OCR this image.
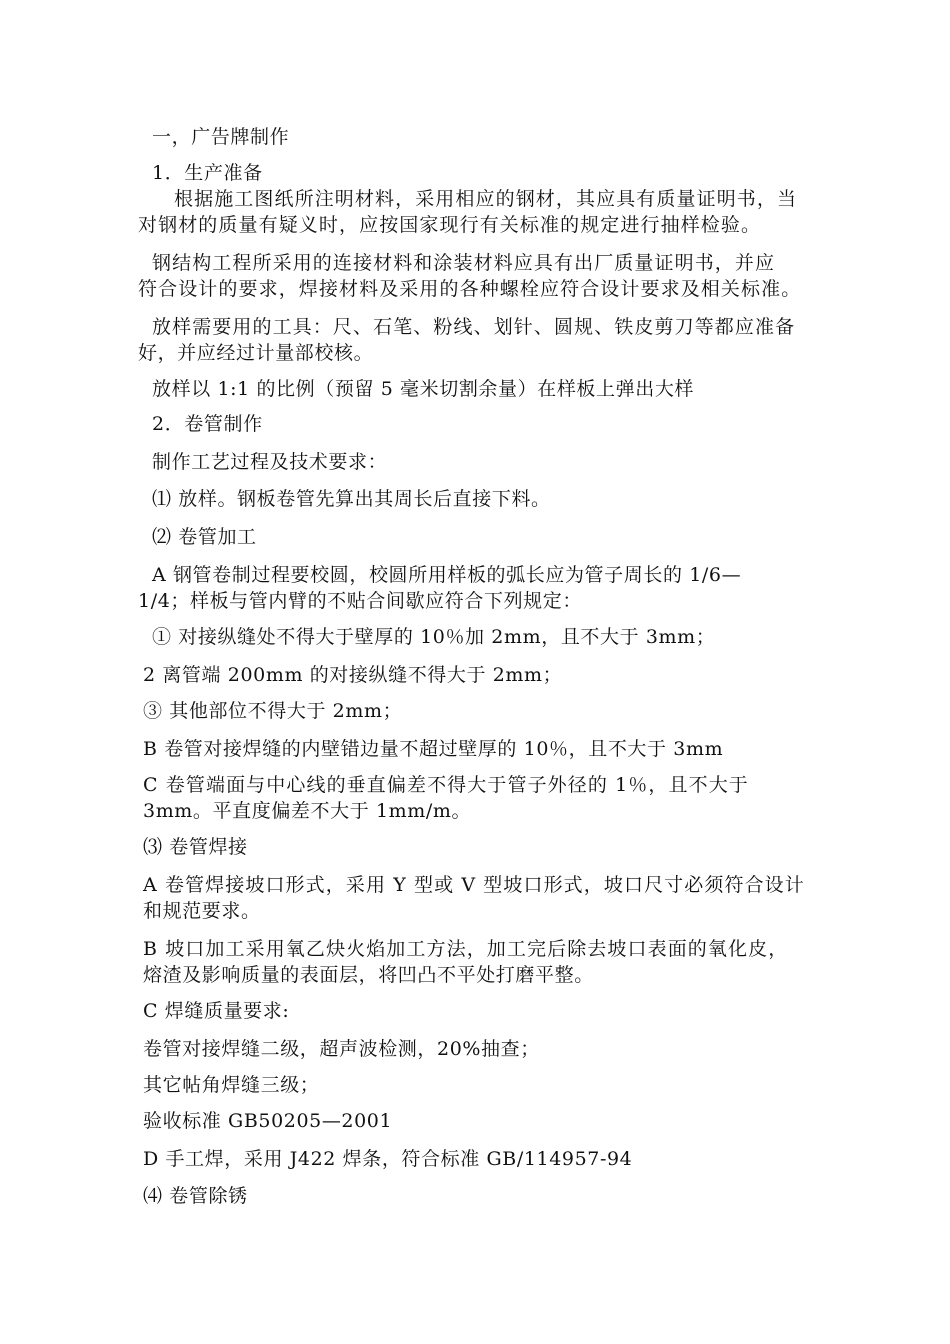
一，广告牌制作

1．生产准备

根据施工图纸所注明材料，采用相应的钢材，其应具有质量证明书，当

对钢材的质量有疑义时，应按国家现行有关标准的规定进行抽样检验。

钢结构工程所采用的连接材料和涂装材料应具有出厂质量证明书，并应

符合设计的要求，焊接材料及采用的各种螺栓应符合设计要求及相关标准。

放样需要用的工具：尺、石笔、粉线、划针、圆规、铁皮剪刀等都应准备

好，并应经过计量部校核。

放样以 1:1 的比例（预留 5 毫米切割余量）在样板上弹出大样

2．卷管制作

制作工艺过程及技术要求：

⑴ 放样。钢板卷管先算出其周长后直接下料。

⑵ 卷管加工

A 钢管卷制过程要校圆，校圆所用样板的弧长应为管子周长的 1/6—

1/4；样板与管内臂的不贴合间歇应符合下列规定：

① 对接纵缝处不得大于壁厚的 10％加 2mm，且不大于 3mm；

2 离管端 200mm 的对接纵缝不得大于 2mm；

③ 其他部位不得大于 2mm；

B 卷管对接焊缝的内壁错边量不超过壁厚的 10％，且不大于 3mm

C 卷管端面与中心线的垂直偏差不得大于管子外径的 1％，且不大于

3mm。平直度偏差不大于 1mm/m。

⑶ 卷管焊接

A 卷管焊接坡口形式，采用 Y 型或 V 型坡口形式，坡口尺寸必须符合设计

和规范要求。

B 坡口加工采用氧乙炔火焰加工方法，加工完后除去坡口表面的氧化皮，

熔渣及影响质量的表面层，将凹凸不平处打磨平整。

C 焊缝质量要求:

卷管对接焊缝二级，超声波检测，20%抽查；

其它帖角焊缝三级；

验收标准 GB50205—2001

D 手工焊，采用 J422 焊条，符合标准 GB/114957-94

⑷ 卷管除锈
